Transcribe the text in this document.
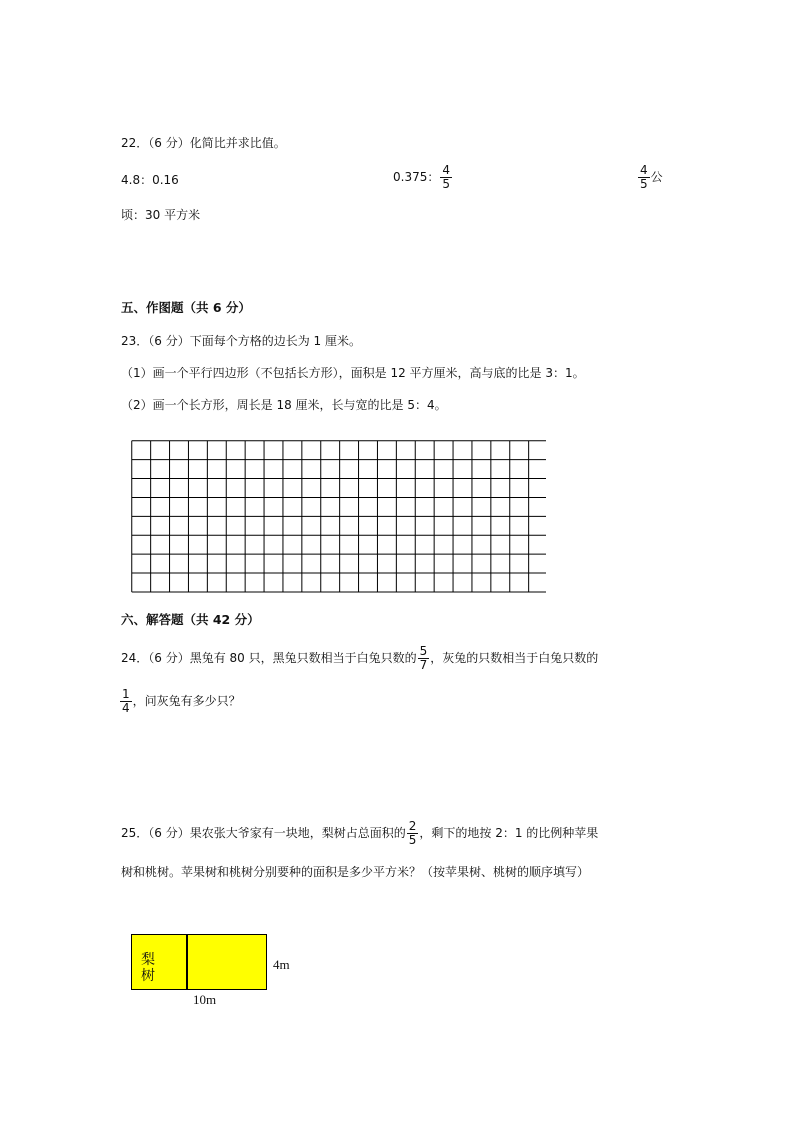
22．（6 分）化简比并求比值。
4.8：0.16	0.375： $\frac{4}{5}$	$\frac{4}{5}$ 公
顷：30 平方米
五、作图题（共 6 分）
23．（6 分）下面每个方格的边长为 1 厘米。
（1）画一个平行四边形（不包括长方形），面积是 12 平方厘米，高与底的比是 3：1。
（2）画一个长方形，周长是 18 厘米，长与宽的比是 5：4。
六、解答题（共 42 分）
24．（6 分）黑兔有 80 只，黑兔只数相当于白兔只数的 $\frac{5}{7}$ ，灰兔的只数相当于白兔只数的
$\frac{1}{4}$ ，问灰兔有多少只？
25．（6 分）果农张大爷家有一块地，梨树占总面积的 $\frac{2}{5}$ ，剩下的地按 2：1 的比例种苹果
树和桃树。苹果树和桃树分别要种的面积是多少平方米？（按苹果树、桃树的顺序填写）
梨树
4m
10m
